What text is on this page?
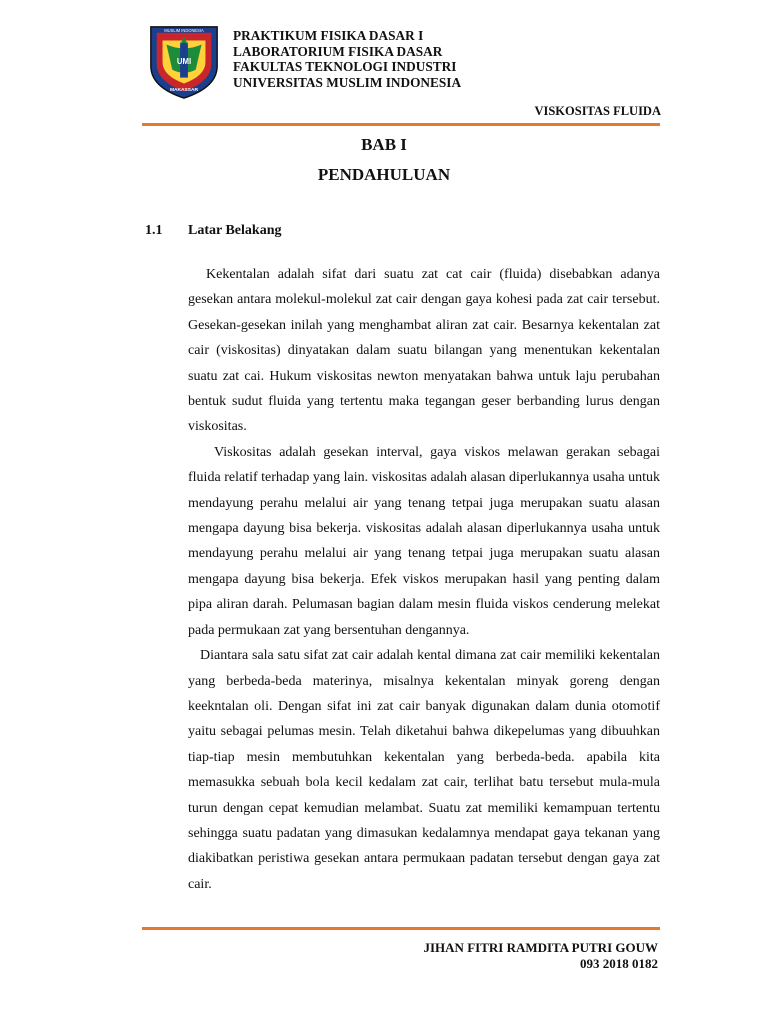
UMI
MUSLIM INDONESIA
MAKASSAR
PRAKTIKUM FISIKA DASAR I
LABORATORIUM FISIKA DASAR
FAKULTAS TEKNOLOGI INDUSTRI
UNIVERSITAS MUSLIM INDONESIA
VISKOSITAS FLUIDA
BAB I
PENDAHULUAN
1.1 Latar Belakang

Kekentalan adalah sifat dari suatu zat cat cair (fluida) disebabkan adanya gesekan antara molekul-molekul zat cair dengan gaya kohesi pada zat cair tersebut. Gesekan-gesekan inilah yang menghambat aliran zat cair. Besarnya kekentalan zat cair (viskositas) dinyatakan dalam suatu bilangan yang menentukan kekentalan suatu zat cai. Hukum viskositas newton menyatakan bahwa untuk laju perubahan bentuk sudut fluida yang tertentu maka tegangan geser berbanding lurus dengan viskositas.

Viskositas adalah gesekan interval, gaya viskos melawan gerakan sebagai fluida relatif terhadap yang lain. viskositas adalah alasan diperlukannya usaha untuk mendayung perahu melalui air yang tenang tetpai juga merupakan suatu alasan mengapa dayung bisa bekerja. viskositas adalah alasan diperlukannya usaha untuk mendayung perahu melalui air yang tenang tetpai juga merupakan suatu alasan mengapa dayung bisa bekerja. Efek viskos merupakan hasil yang penting dalam pipa aliran darah. Pelumasan bagian dalam mesin fluida viskos cenderung melekat pada permukaan zat yang bersentuhan dengannya.

Diantara sala satu sifat zat cair adalah kental dimana zat cair memiliki kekentalan yang berbeda-beda materinya, misalnya kekentalan minyak goreng dengan keekntalan oli. Dengan sifat ini zat cair banyak digunakan dalam dunia otomotif yaitu sebagai pelumas mesin. Telah diketahui bahwa dikepelumas yang dibuuhkan tiap-tiap mesin membutuhkan kekentalan yang berbeda-beda. apabila kita memasukka sebuah bola kecil kedalam zat cair, terlihat batu tersebut mula-mula turun dengan cepat kemudian melambat. Suatu zat memiliki kemampuan tertentu sehingga suatu padatan yang dimasukan kedalamnya mendapat gaya tekanan yang diakibatkan peristiwa gesekan antara permukaan padatan tersebut dengan gaya zat cair.

JIHAN FITRI RAMDITA PUTRI GOUW
093 2018 0182
